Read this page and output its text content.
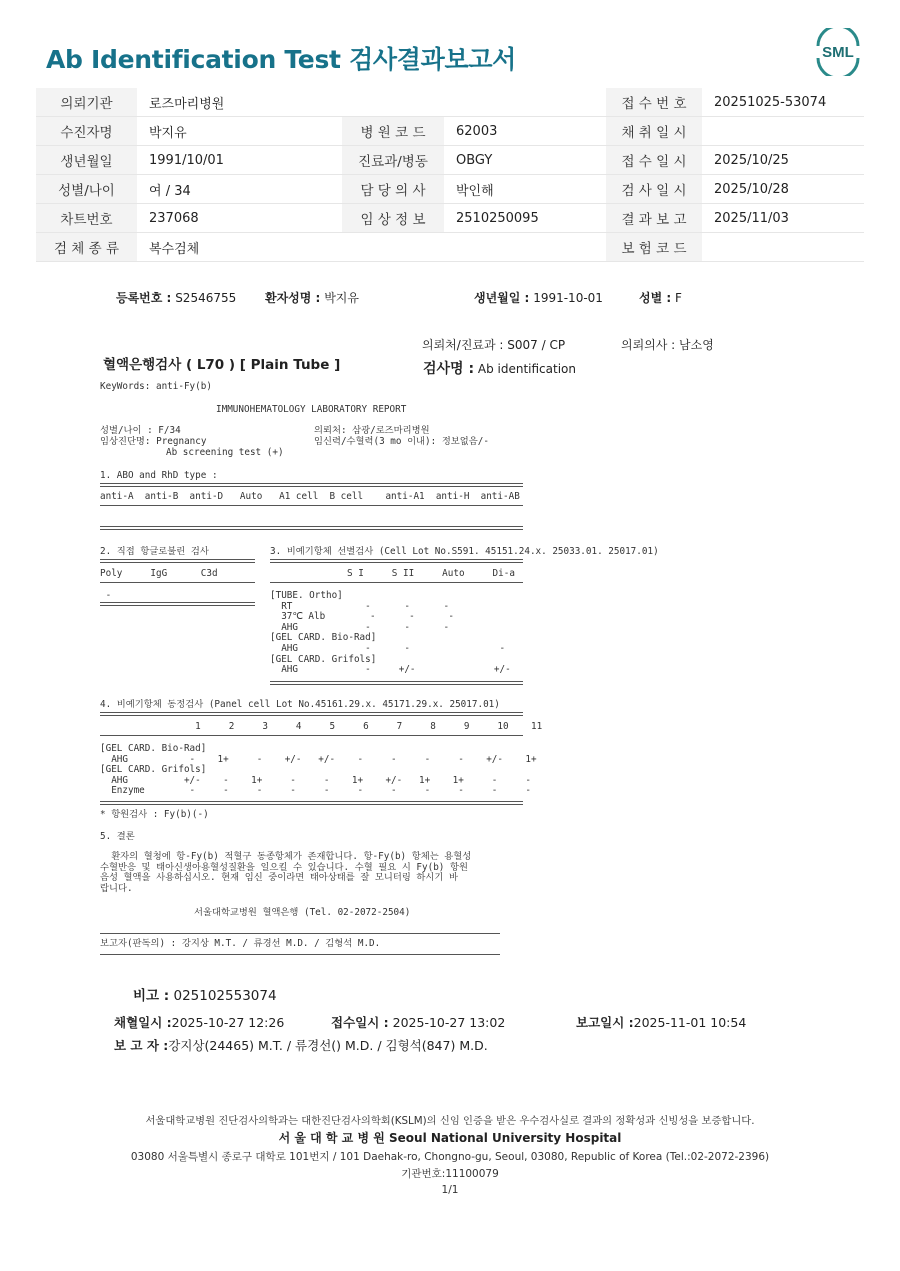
Ab Identification Test 검사결과보고서	SML
의뢰기관	로즈마리병원			접 수 번 호	20251025-53074
수진자명	박지유	병 원 코 드	62003	채 취 일 시	
생년월일	1991/10/01	진료과/병동	OBGY	접 수 일 시	2025/10/25
성별/나이	여 / 34	담 당 의 사	박인해	검 사 일 시	2025/10/28
차트번호	237068	임 상 정 보	2510250095	결 과 보 고	2025/11/03
검 체 종 류	복수검체			보 험 코 드	
등록번호 : S2546755 환자성명 : 박지유	생년월일 : 1991-10-01	성별 : F
의뢰처/진료과 : S007 / CP	의뢰의사 : 남소영
혈액은행검사 ( L70 ) [ Plain Tube ]	검사명 : Ab identification
KeyWords: anti-Fy(b)
IMMUNOHEMATOLOGY LABORATORY REPORT
성별/나이 : F/34
임상진단명: Pregnancy
Ab screening test (+)
의뢰처: 삼광/로즈마리병원
임신력/수혈력(3 mo 이내): 정보없음/-
1. ABO and RhD type :
anti-A  anti-B  anti-D   Auto   A1 cell  B cell    anti-A1  anti-H  anti-AB
2. 직접 항글로불린 검사
Poly     IgG      C3d
-
3. 비예기항체 선별검사 (Cell Lot No.S591. 45151.24.x. 25033.01. 25017.01)
S I     S II     Auto     Di-a
[TUBE. Ortho]
RT             -      -      -
37℃ Alb        -      -      -
AHG            -      -      -
[GEL CARD. Bio-Rad]
AHG            -      -                -
[GEL CARD. Grifols]
AHG            -     +/-              +/-
4. 비예기항체 동정검사 (Panel cell Lot No.45161.29.x. 45171.29.x. 25017.01)
1     2     3     4     5     6     7     8     9     10    11
[GEL CARD. Bio-Rad]
AHG           -    1+     -    +/-   +/-    -     -     -     -    +/-    1+
[GEL CARD. Grifols]
AHG          +/-    -    1+     -     -    1+    +/-   1+    1+     -     -
Enzyme        -     -     -     -     -     -     -     -     -     -     -
* 항원검사 : Fy(b)(-)
5. 결론
환자의 혈청에 항-Fy(b) 적혈구 동종항체가 존재합니다. 항-Fy(b) 항체는 용혈성
수혈반응 및 태아신생아용혈성질환을 일으킬 수 있습니다. 수혈 필요 시 Fy(b) 항원
음성 혈액을 사용하십시오. 현재 임신 중이라면 태아상태를 잘 모니터링 하시기 바
랍니다.
서울대학교병원 혈액은행 (Tel. 02-2072-2504)
보고자(판독의) : 강지상 M.T. / 류경선 M.D. / 김형석 M.D.
비고 : 025102553074
채혈일시 :2025-10-27 12:26	접수일시 : 2025-10-27 13:02	보고일시 :2025-11-01 10:54
보 고 자 :강지상(24465) M.T. / 류경선() M.D. / 김형석(847) M.D.
서울대학교병원 진단검사의학과는 대한진단검사의학회(KSLM)의 신임 인증을 받은 우수검사실로 결과의 정확성과 신빙성을 보증합니다.
서 울 대 학 교 병 원 Seoul National University Hospital
03080 서울특별시 종로구 대학로 101번지 / 101 Daehak-ro, Chongno-gu, Seoul, 03080, Republic of Korea (Tel.:02-2072-2396)
기관번호:11100079
1/1
